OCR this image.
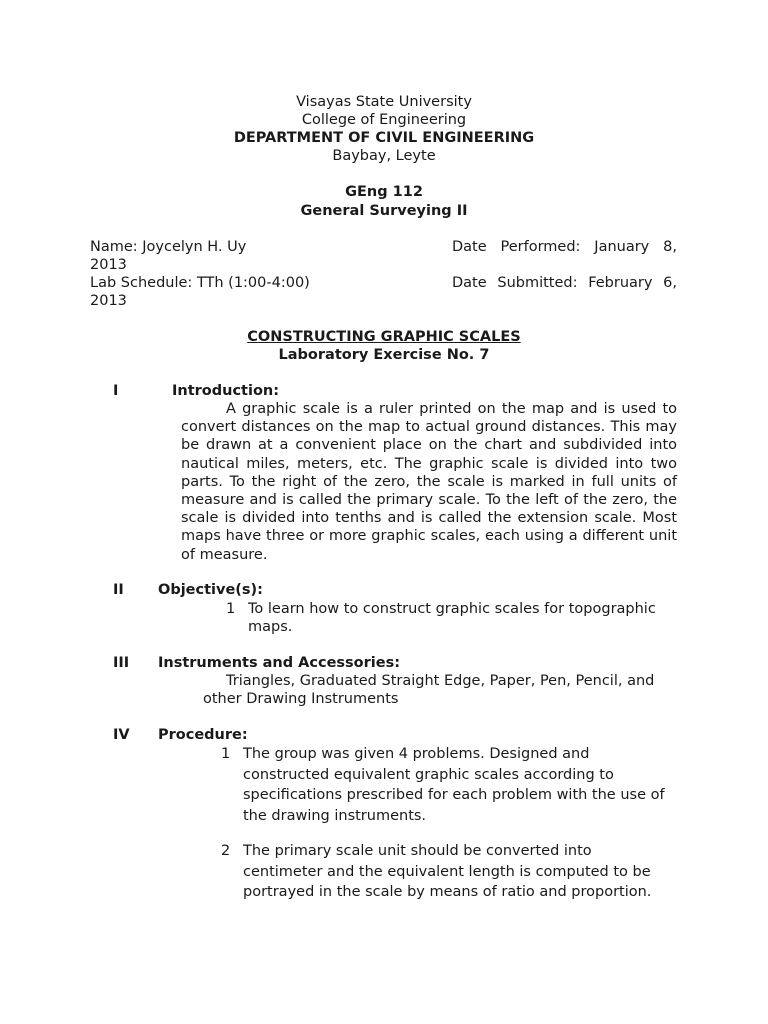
Visayas State University
College of Engineering
DEPARTMENT OF CIVIL ENGINEERING
Baybay, Leyte
GEng 112
General Surveying II
Name: Joycelyn H. Uy	Date Performed: January 8,
2013
Lab Schedule: TTh (1:00-4:00)	Date Submitted: February 6,
2013
CONSTRUCTING GRAPHIC SCALES
Laboratory Exercise No. 7
I	Introduction:
A graphic scale is a ruler printed on the map and is used to convert distances on the map to actual ground distances. This may be drawn at a convenient place on the chart and subdivided into nautical miles, meters, etc. The graphic scale is divided into two parts. To the right of the zero, the scale is marked in full units of measure and is called the primary scale. To the left of the zero, the scale is divided into tenths and is called the extension scale. Most maps have three or more graphic scales, each using a different unit of measure.
II Objective(s):
1 To learn how to construct graphic scales for topographic maps.
III Instruments and Accessories:
Triangles, Graduated Straight Edge, Paper, Pen, Pencil, and other Drawing Instruments
IV Procedure:
1 The group was given 4 problems. Designed and constructed equivalent graphic scales according to specifications prescribed for each problem with the use of the drawing instruments.
2 The primary scale unit should be converted into centimeter and the equivalent length is computed to be portrayed in the scale by means of ratio and proportion.
